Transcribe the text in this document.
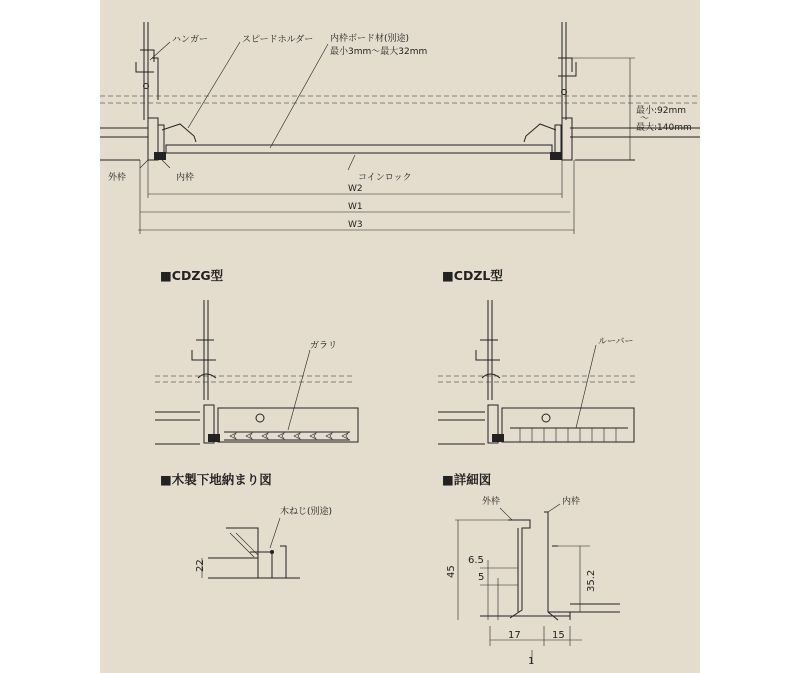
ハンガー	スピードホルダー 内枠ボード材(別途)
最小3mm～最大32mm
最小:92mm
～
最大:140mm
外枠	内枠	コインロック
W2
W1
W3
■CDZG型
ガラリ
■CDZL型
ルーバー
■木製下地納まり図
木ねじ(別途)
22
■詳細図
外枠	内枠
45
6.5
5	35.2
17	15
1
